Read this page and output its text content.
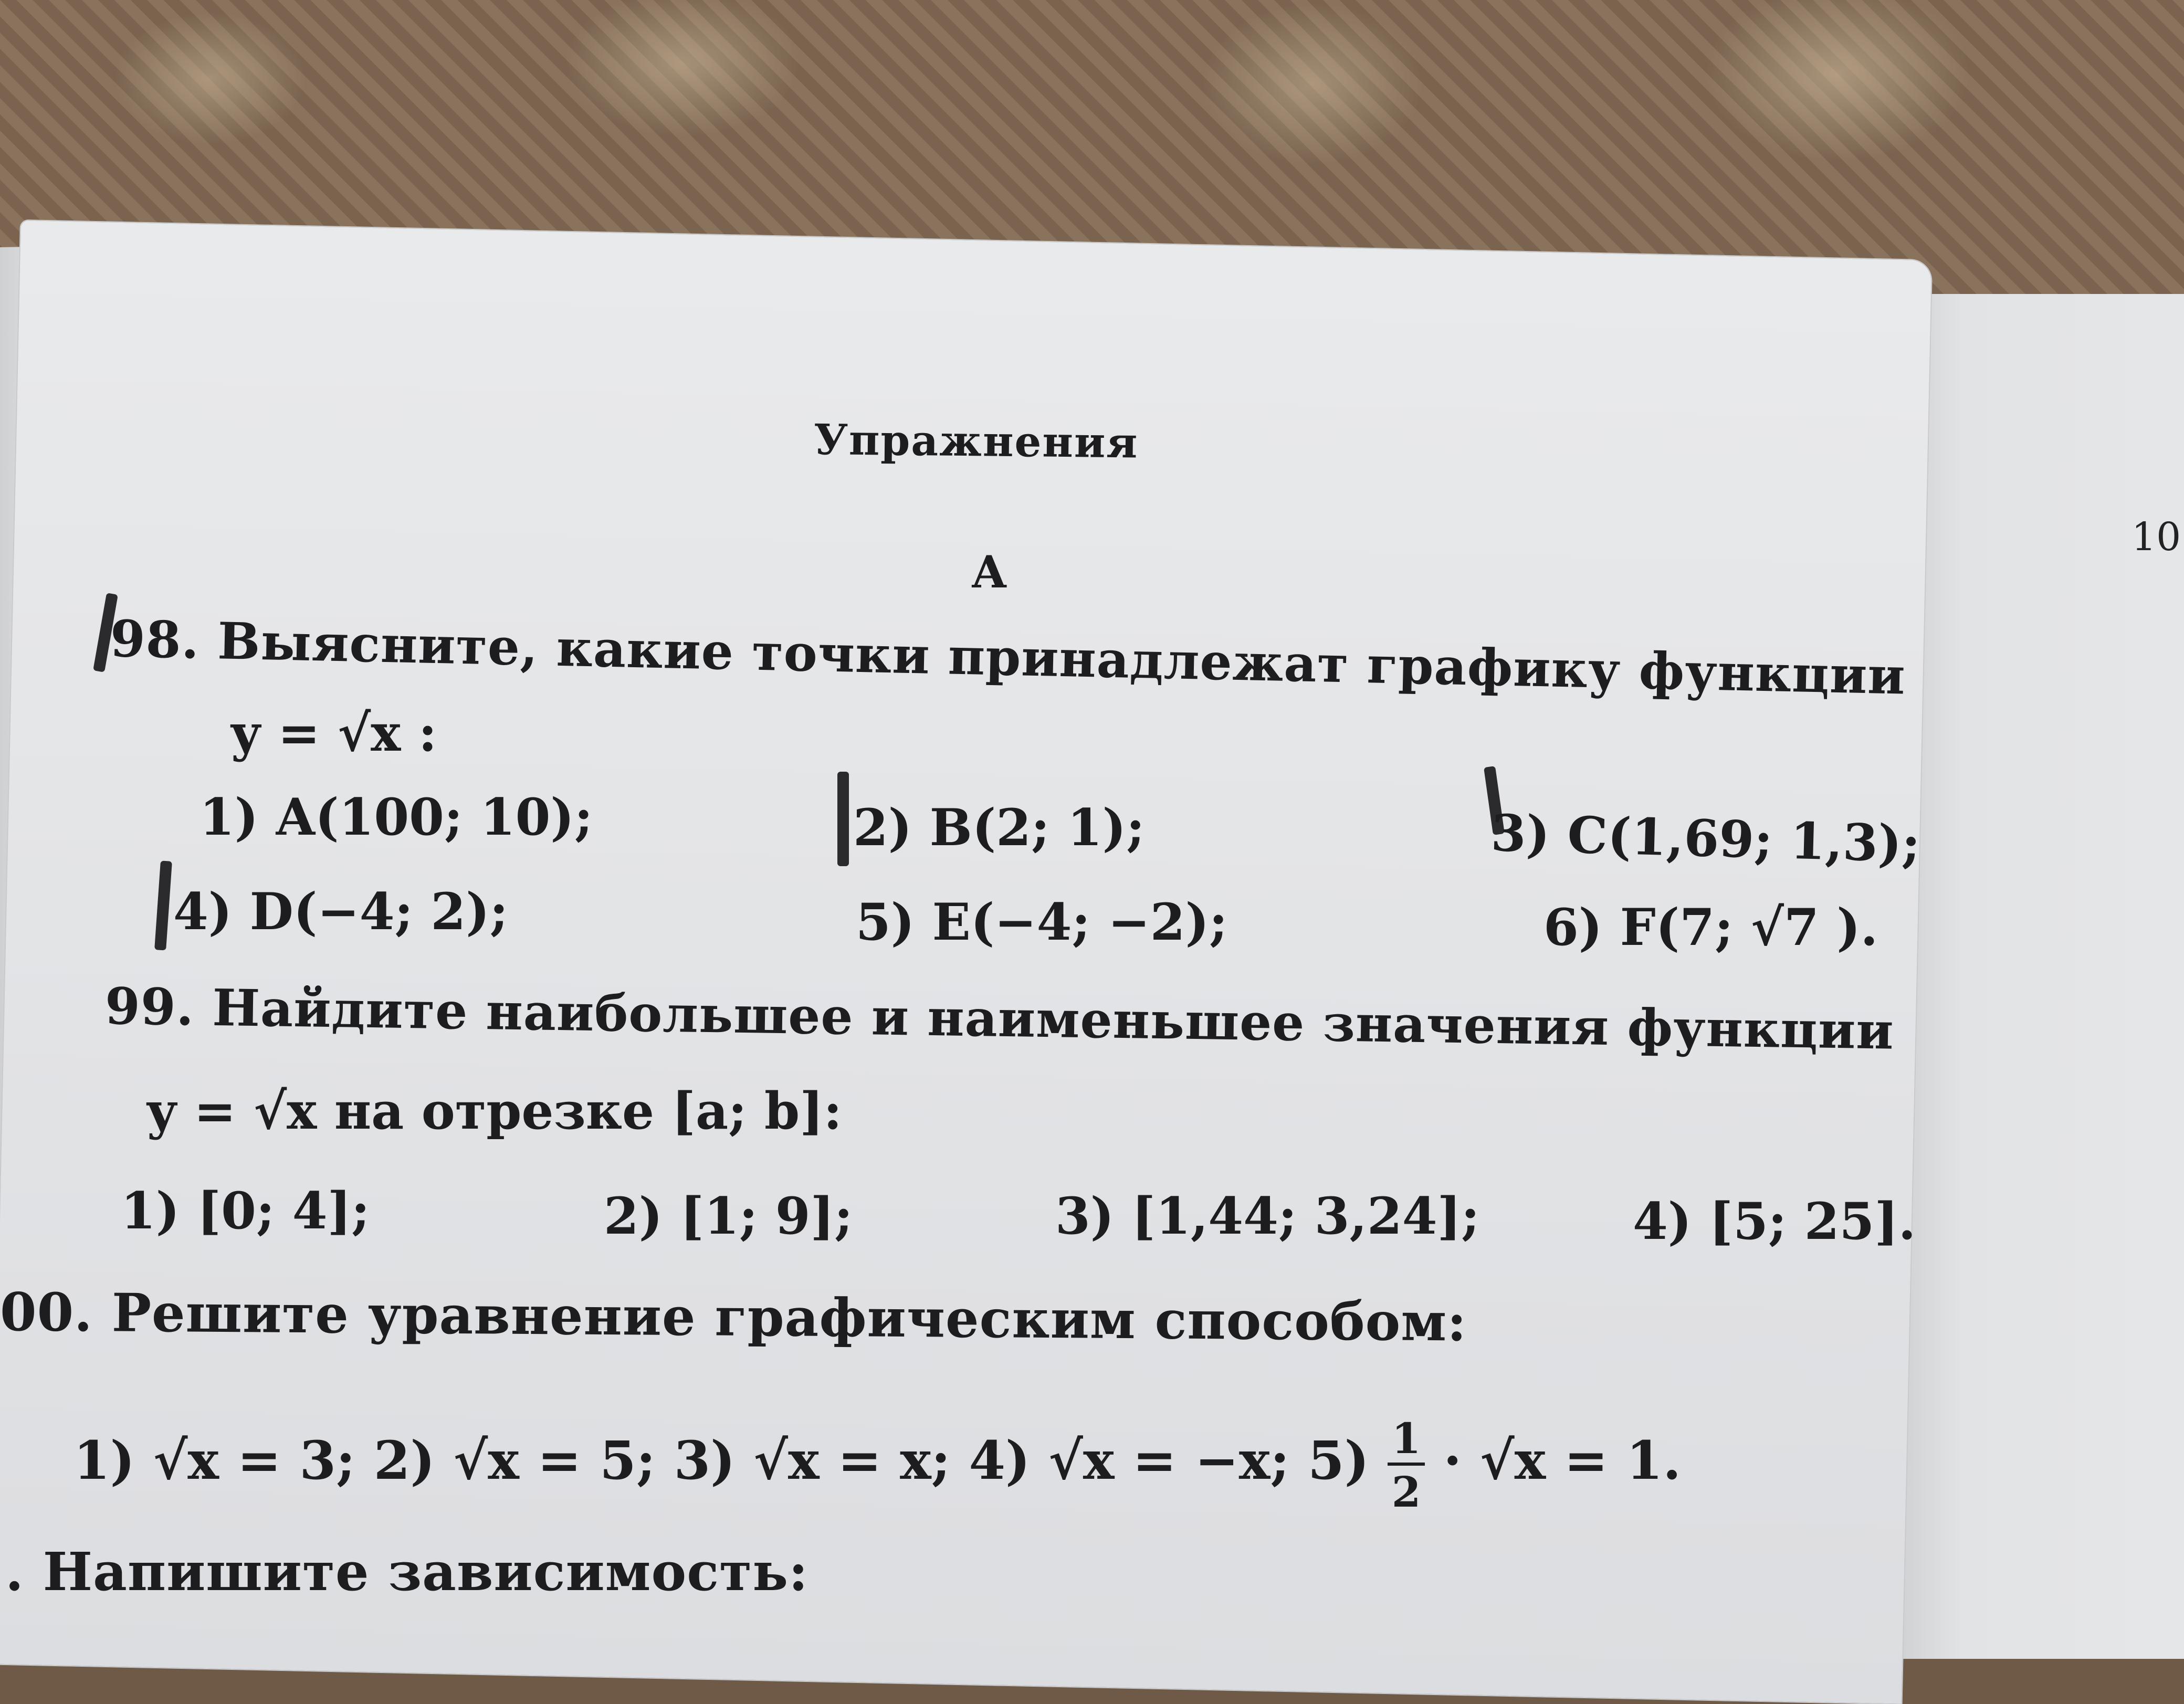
10
Упражнения
А
98. Выясните, какие точки принадлежат графику функции
y = √x :
1) A(100; 10);	2) B(2; 1);	3) C(1,69; 1,3);
4) D(−4; 2);	5) E(−4; −2);	6) F(7; √7 ).
99. Найдите наибольшее и наименьшее значения функции
y = √x на отрезке [a; b]:
1) [0; 4];	2) [1; 9];	3) [1,44; 3,24];	4) [5; 25].
00. Решите уравнение графическим способом:
1) √x = 3; 2) √x = 5; 3) √x = x; 4) √x = −x; $5) \frac{1}{2} \cdot √x = 1$.
. Напишите зависимость:
